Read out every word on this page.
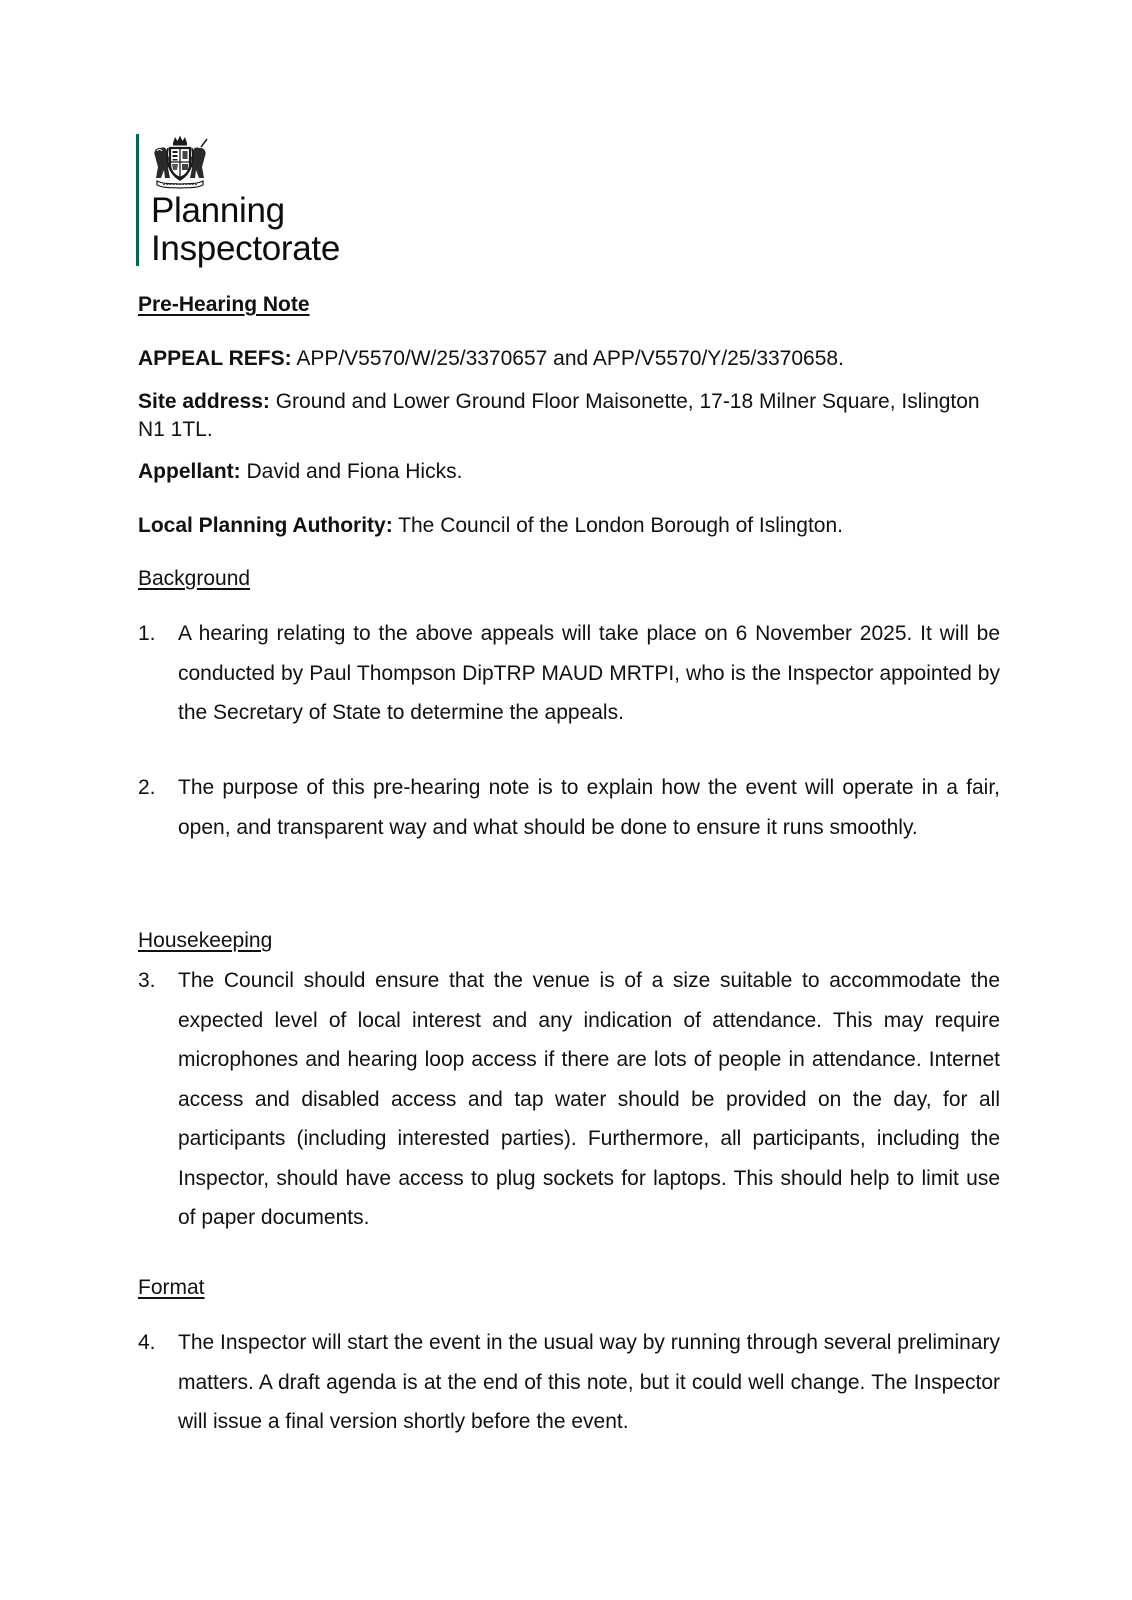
Planning
Inspectorate
Pre-Hearing Note
APPEAL REFS: APP/V5570/W/25/3370657 and APP/V5570/Y/25/3370658.
Site address: Ground and Lower Ground Floor Maisonette, 17-18 Milner Square, Islington N1 1TL.
Appellant: David and Fiona Hicks.
Local Planning Authority: The Council of the London Borough of Islington.
Background
1. A hearing relating to the above appeals will take place on 6 November 2025. It will be conducted by Paul Thompson DipTRP MAUD MRTPI, who is the Inspector appointed by the Secretary of State to determine the appeals.
2. The purpose of this pre-hearing note is to explain how the event will operate in a fair, open, and transparent way and what should be done to ensure it runs smoothly.
Housekeeping
3. The Council should ensure that the venue is of a size suitable to accommodate the expected level of local interest and any indication of attendance. This may require microphones and hearing loop access if there are lots of people in attendance. Internet access and disabled access and tap water should be provided on the day, for all participants (including interested parties). Furthermore, all participants, including the Inspector, should have access to plug sockets for laptops. This should help to limit use of paper documents.
Format
4. The Inspector will start the event in the usual way by running through several preliminary matters. A draft agenda is at the end of this note, but it could well change. The Inspector will issue a final version shortly before the event.
